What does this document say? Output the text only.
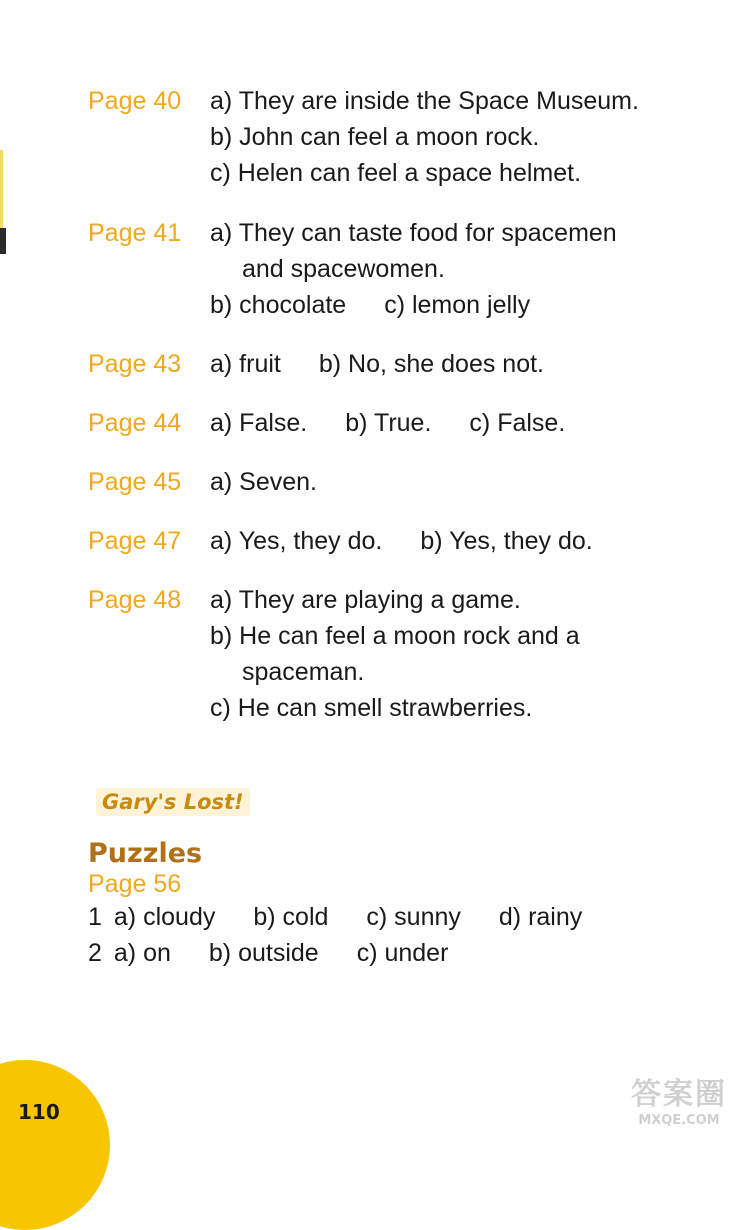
Page 40 a) They are inside the Space Museum.
b) John can feel a moon rock.
c) Helen can feel a space helmet.
Page 41 a) They can taste food for spacemen
and spacewomen.
b) chocolate c) lemon jelly
Page 43 a) fruit b) No, she does not.
Page 44 a) False. b) True. c) False.
Page 45 a) Seven.
Page 47 a) Yes, they do. b) Yes, they do.
Page 48 a) They are playing a game.
b) He can feel a moon rock and a
spaceman.
c) He can smell strawberries.
Gary's Lost!
Puzzles
Page 56
1 a) cloudy b) cold c) sunny d) rainy
2 a) on b) outside c) under
110	答案圈
MXQE.COM
